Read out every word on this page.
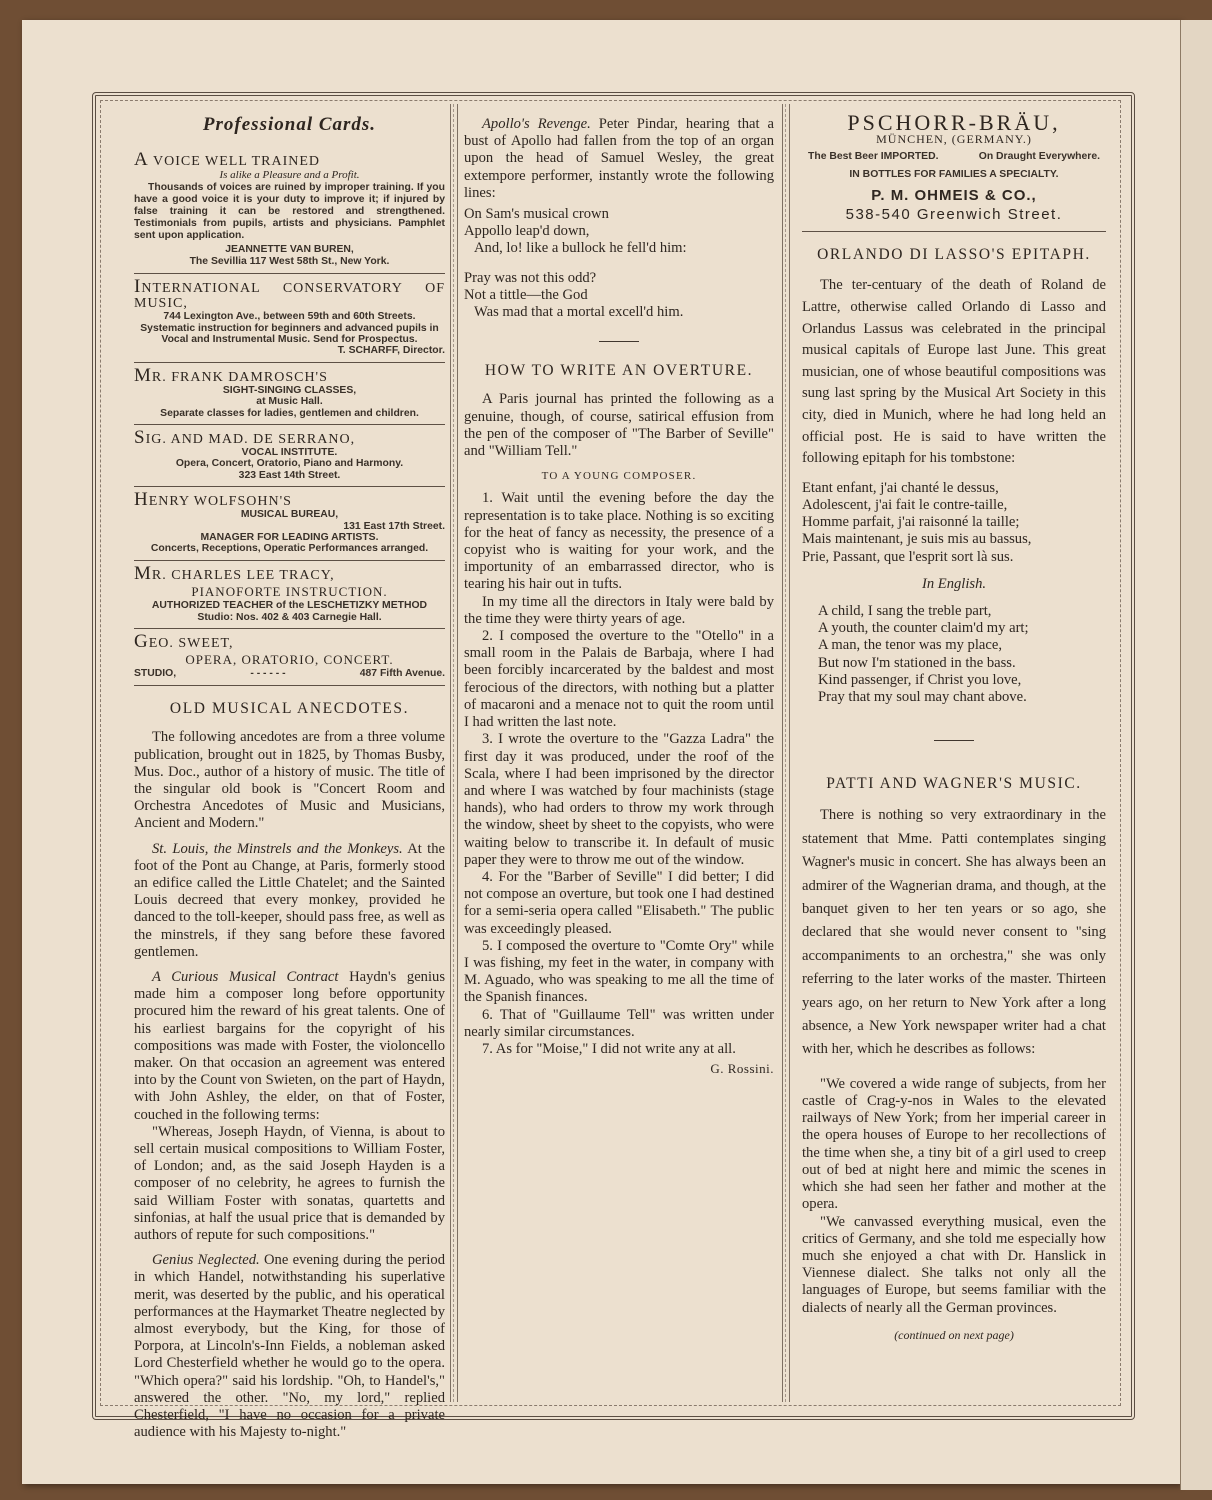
Professional Cards.
A VOICE WELL TRAINED
Is alike a Pleasure and a Profit.
Thousands of voices are ruined by improper training. If you have a good voice it is your duty to improve it; if injured by false training it can be restored and strengthened. Testimonials from pupils, artists and physicians. Pamphlet sent upon application.
JEANNETTE VAN BUREN,
The Sevillia 117 West 58th St., New York.
INTERNATIONAL CONSERVATORY OF MUSIC,
744 Lexington Ave., between 59th and 60th Streets.
Systematic instruction for beginners and advanced pupils in Vocal and Instrumental Music. Send for Prospectus.
T. SCHARFF, Director.
MR. FRANK DAMROSCH'S
SIGHT-SINGING CLASSES,
at Music Hall.
Separate classes for ladies, gentlemen and children.
SIG. AND MAD. DE SERRANO,
VOCAL INSTITUTE.
Opera, Concert, Oratorio, Piano and Harmony.
323 East 14th Street.
HENRY WOLFSOHN'S
MUSICAL BUREAU,
131 East 17th Street.
MANAGER FOR LEADING ARTISTS.
Concerts, Receptions, Operatic Performances arranged.
MR. CHARLES LEE TRACY,
PIANOFORTE INSTRUCTION.
AUTHORIZED TEACHER of the LESCHETIZKY METHOD
Studio: Nos. 402 & 403 Carnegie Hall.
GEO. SWEET,
OPERA, ORATORIO, CONCERT.
STUDIO,	- - - - - -	487 Fifth Avenue.
OLD MUSICAL ANECDOTES.

The following ancedotes are from a three volume publication, brought out in 1825, by Thomas Busby, Mus. Doc., author of a history of music. The title of the singular old book is "Concert Room and Orchestra Ancedotes of Music and Musicians, Ancient and Modern."

St. Louis, the Minstrels and the Monkeys. At the foot of the Pont au Change, at Paris, formerly stood an edifice called the Little Chatelet; and the Sainted Louis decreed that every monkey, provided he danced to the toll-keeper, should pass free, as well as the minstrels, if they sang before these favored gentlemen.

A Curious Musical Contract Haydn's genius made him a composer long before opportunity procured him the reward of his great talents. One of his earliest bargains for the copyright of his compositions was made with Foster, the violoncello maker. On that occasion an agreement was entered into by the Count von Swieten, on the part of Haydn, with John Ashley, the elder, on that of Foster, couched in the following terms:

"Whereas, Joseph Haydn, of Vienna, is about to sell certain musical compositions to William Foster, of London; and, as the said Joseph Hayden is a composer of no celebrity, he agrees to furnish the said William Foster with sonatas, quartetts and sinfonias, at half the usual price that is demanded by authors of repute for such compositions."

Genius Neglected. One evening during the period in which Handel, notwithstanding his superlative merit, was deserted by the public, and his operatical performances at the Haymarket Theatre neglected by almost everybody, but the King, for those of Porpora, at Lincoln's-Inn Fields, a nobleman asked Lord Chesterfield whether he would go to the opera. "Which opera?" said his lordship. "Oh, to Handel's," answered the other. "No, my lord," replied Chesterfield, "I have no occasion for a private audience with his Majesty to-night."

Apollo's Revenge. Peter Pindar, hearing that a bust of Apollo had fallen from the top of an organ upon the head of Samuel Wesley, the great extempore performer, instantly wrote the following lines:

On Sam's musical crown

Appollo leap'd down,

And, lo! like a bullock he fell'd him:

Pray was not this odd?

Not a tittle—the God

Was mad that a mortal excell'd him.

HOW TO WRITE AN OVERTURE.

A Paris journal has printed the following as a genuine, though, of course, satirical effusion from the pen of the composer of "The Barber of Seville" and "William Tell."

TO A YOUNG COMPOSER.

1. Wait until the evening before the day the representation is to take place. Nothing is so exciting for the heat of fancy as necessity, the presence of a copyist who is waiting for your work, and the importunity of an embarrassed director, who is tearing his hair out in tufts.

In my time all the directors in Italy were bald by the time they were thirty years of age.

2. I composed the overture to the "Otello" in a small room in the Palais de Barbaja, where I had been forcibly incarcerated by the baldest and most ferocious of the directors, with nothing but a platter of macaroni and a menace not to quit the room until I had written the last note.

3. I wrote the overture to the "Gazza Ladra" the first day it was produced, under the roof of the Scala, where I had been imprisoned by the director and where I was watched by four machinists (stage hands), who had orders to throw my work through the window, sheet by sheet to the copyists, who were waiting below to transcribe it. In default of music paper they were to throw me out of the window.

4. For the "Barber of Seville" I did better; I did not compose an overture, but took one I had destined for a semi-seria opera called "Elisabeth." The public was exceedingly pleased.

5. I composed the overture to "Comte Ory" while I was fishing, my feet in the water, in company with M. Aguado, who was speaking to me all the time of the Spanish finances.

6. That of "Guillaume Tell" was written under nearly similar circumstances.

7. As for "Moise," I did not write any at all.

G. Rossini.
PSCHORR-BRÄU,
MÜNCHEN, (GERMANY.)
The Best Beer IMPORTED.	On Draught Everywhere.
IN BOTTLES FOR FAMILIES A SPECIALTY.
P. M. OHMEIS & CO.,
538-540 Greenwich Street.
ORLANDO DI LASSO'S EPITAPH.

The ter-centuary of the death of Roland de Lattre, otherwise called Orlando di Lasso and Orlandus Lassus was celebrated in the principal musical capitals of Europe last June. This great musician, one of whose beautiful compositions was sung last spring by the Musical Art Society in this city, died in Munich, where he had long held an official post. He is said to have written the following epitaph for his tombstone:

Etant enfant, j'ai chanté le dessus,

Adolescent, j'ai fait le contre-taille,

Homme parfait, j'ai raisonné la taille;

Mais maintenant, je suis mis au bassus,

Prie, Passant, que l'esprit sort là sus.

In English.

A child, I sang the treble part,

A youth, the counter claim'd my art;

A man, the tenor was my place,

But now I'm stationed in the bass.

Kind passenger, if Christ you love,

Pray that my soul may chant above.

PATTI AND WAGNER'S MUSIC.

There is nothing so very extraordinary in the statement that Mme. Patti contemplates singing Wagner's music in concert. She has always been an admirer of the Wagnerian drama, and though, at the banquet given to her ten years or so ago, she declared that she would never consent to "sing accompaniments to an orchestra," she was only referring to the later works of the master. Thirteen years ago, on her return to New York after a long absence, a New York newspaper writer had a chat with her, which he describes as follows:

"We covered a wide range of subjects, from her castle of Crag-y-nos in Wales to the elevated railways of New York; from her imperial career in the opera houses of Europe to her recollections of the time when she, a tiny bit of a girl used to creep out of bed at night here and mimic the scenes in which she had seen her father and mother at the opera.

"We canvassed everything musical, even the critics of Germany, and she told me especially how much she enjoyed a chat with Dr. Hanslick in Viennese dialect. She talks not only all the languages of Europe, but seems familiar with the dialects of nearly all the German provinces.

(continued on next page)
